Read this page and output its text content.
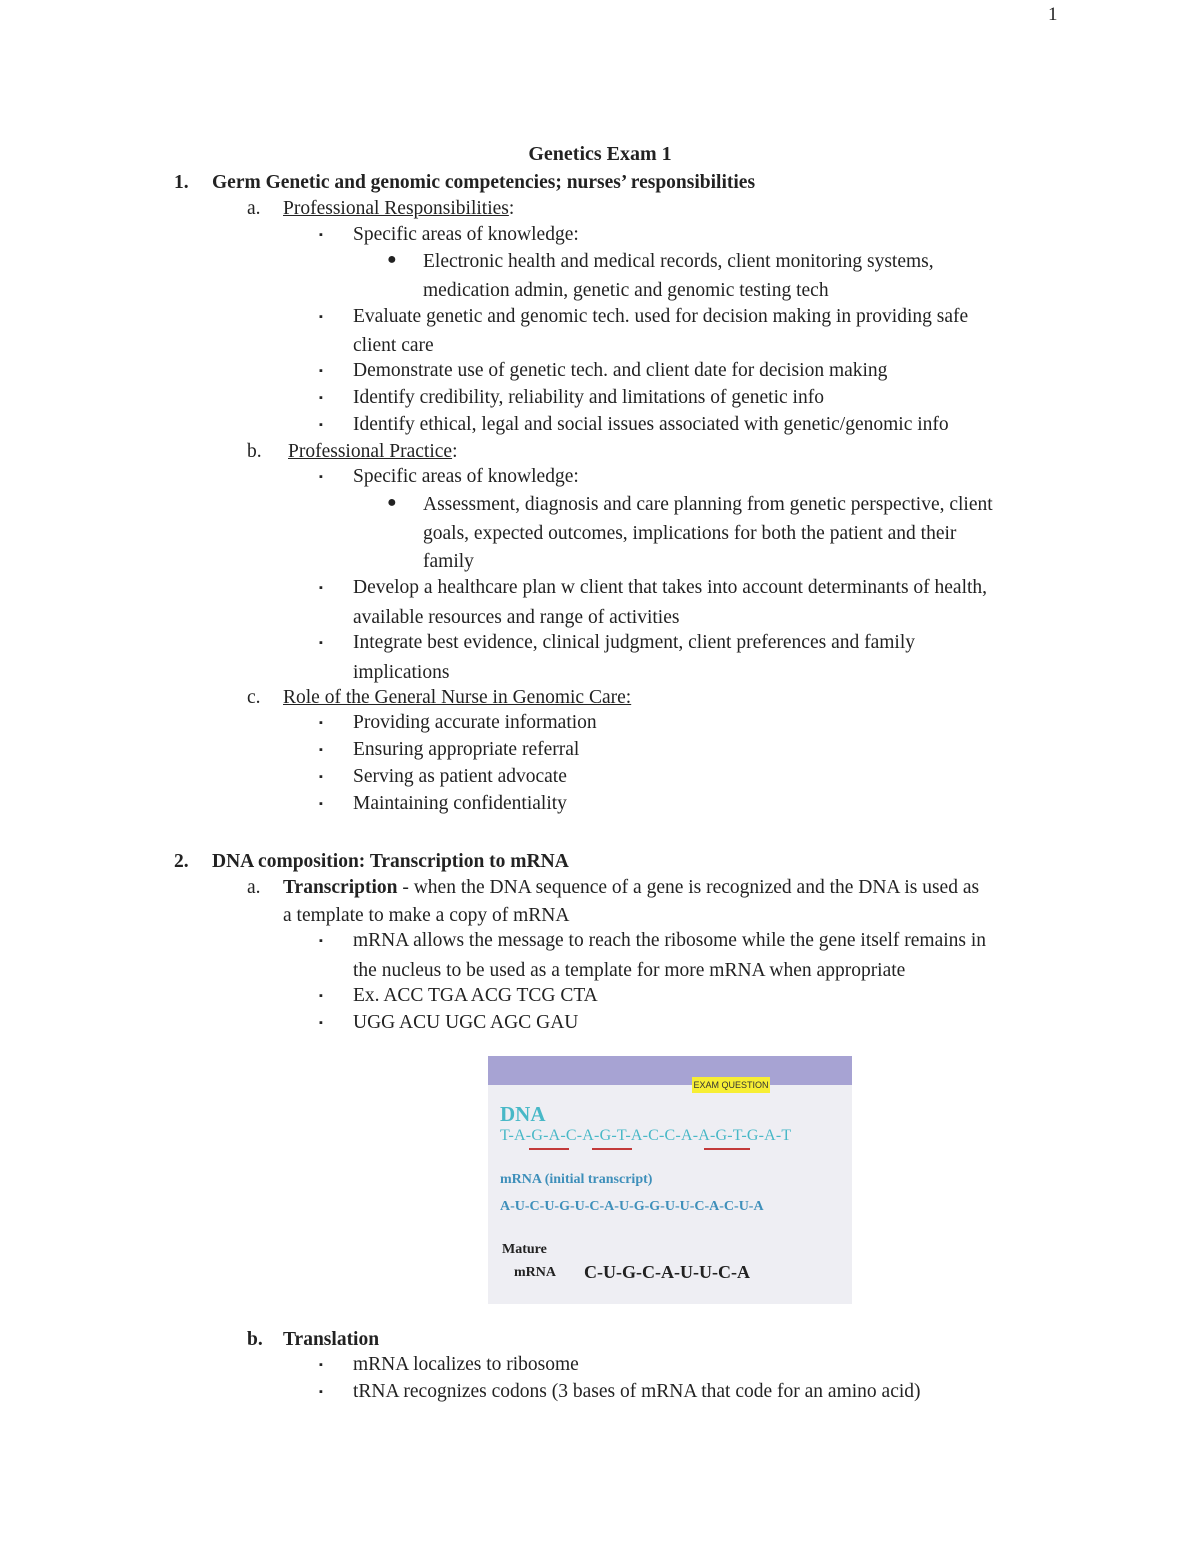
1
Genetics Exam 1
1. Germ Genetic and genomic competencies; nurses’ responsibilities
a. Professional Responsibilities:
▪ Specific areas of knowledge:
● Electronic health and medical records, client monitoring systems,
medication admin, genetic and genomic testing tech
▪ Evaluate genetic and genomic tech. used for decision making in providing safe
client care
▪ Demonstrate use of genetic tech. and client date for decision making
▪ Identify credibility, reliability and limitations of genetic info
▪ Identify ethical, legal and social issues associated with genetic/genomic info
b. Professional Practice:
▪ Specific areas of knowledge:
● Assessment, diagnosis and care planning from genetic perspective, client
goals, expected outcomes, implications for both the patient and their
family
▪ Develop a healthcare plan w client that takes into account determinants of health,
available resources and range of activities
▪ Integrate best evidence, clinical judgment, client preferences and family
implications
c. Role of the General Nurse in Genomic Care:
▪ Providing accurate information
▪ Ensuring appropriate referral
▪ Serving as patient advocate
▪ Maintaining confidentiality
2. DNA composition: Transcription to mRNA
a. Transcription - when the DNA sequence of a gene is recognized and the DNA is used as
a template to make a copy of mRNA
▪ mRNA allows the message to reach the ribosome while the gene itself remains in
the nucleus to be used as a template for more mRNA when appropriate
▪ Ex. ACC TGA ACG TCG CTA
▪ UGG ACU UGC AGC GAU
EXAM QUESTION
DNA
T-A-G-A-C-A-G-T-A-C-C-A-A-G-T-G-A-T
mRNA (initial transcript)
A-U-C-U-G-U-C-A-U-G-G-U-U-C-A-C-U-A
Mature
mRNA C-U-G-C-A-U-U-C-A
b. Translation
▪ mRNA localizes to ribosome
▪ tRNA recognizes codons (3 bases of mRNA that code for an amino acid)
